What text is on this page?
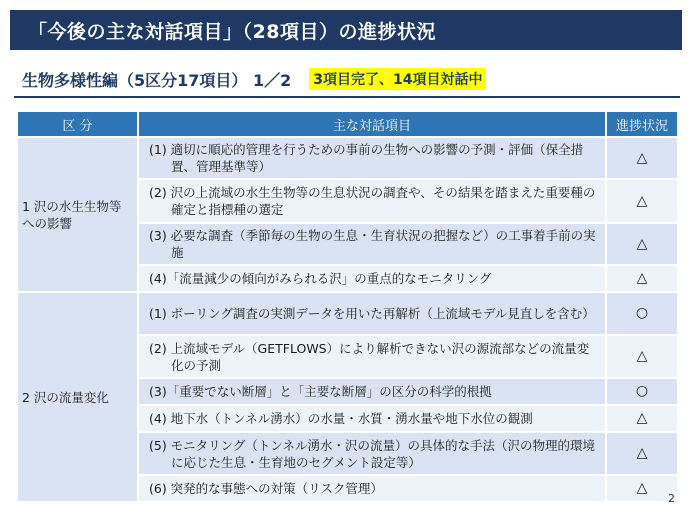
「今後の主な対話項目」（28項目）の進捗状況
生物多様性編（5区分17項目） 1／2 3項目完了、14項目対話中
区 分	主な対話項目	進捗状況
1 沢の水生生物等への影響	(1) 適切に順応的管理を行うための事前の生物への影響の予測・評価（保全措置、管理基準等）	△

	(2) 沢の上流域の水生生物等の生息状況の調査や、その結果を踏まえた重要種の確定と指標種の選定	△

	(3) 必要な調査（季節毎の生物の生息・生育状況の把握など）の工事着手前の実施	△

	(4)「流量減少の傾向がみられる沢」の重点的なモニタリング	△
2 沢の流量変化	(1) ボーリング調査の実測データを用いた再解析（上流域モデル見直しを含む）	○

	(2) 上流域モデル（GETFLOWS）により解析できない沢の源流部などの流量変化の予測	△

	(3)「重要でない断層」と「主要な断層」の区分の科学的根拠	○

	(4) 地下水（トンネル湧水）の水量・水質・湧水量や地下水位の観測	△

	(5) モニタリング（トンネル湧水・沢の流量）の具体的な手法（沢の物理的環境に応じた生息・生育地のセグメント設定等）	△

	(6) 突発的な事態への対策（リスク管理）	△
2
